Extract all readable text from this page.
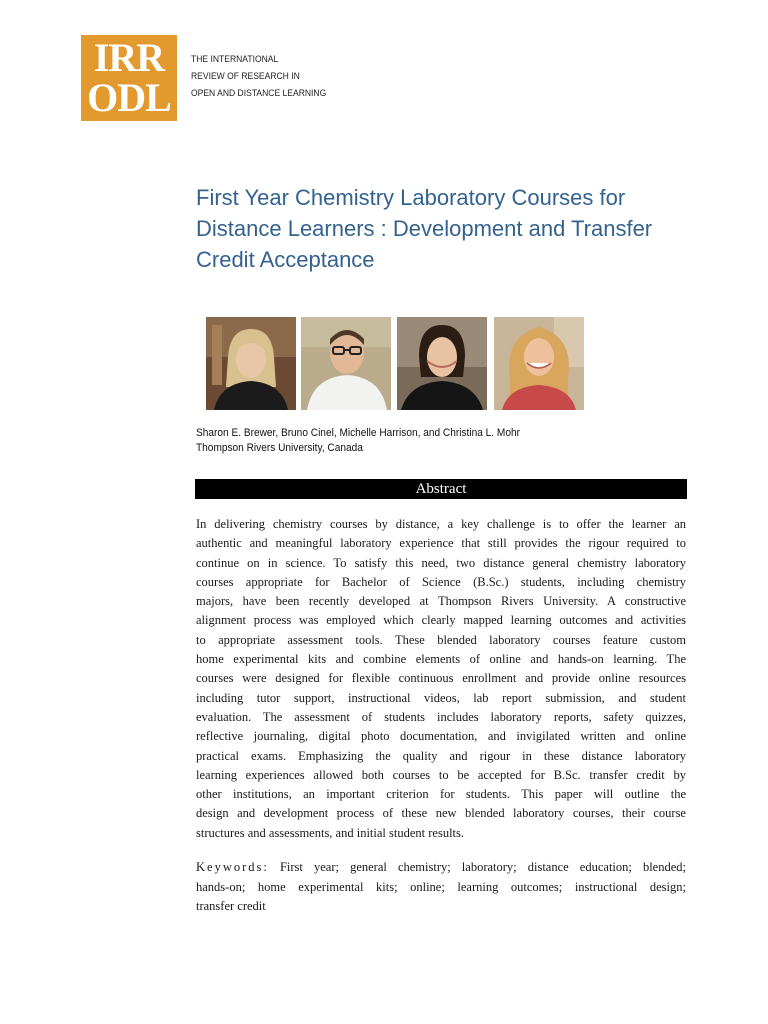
IRR
ODL
THE INTERNATIONAL
REVIEW OF RESEARCH IN
OPEN AND DISTANCE LEARNING
First Year Chemistry Laboratory Courses for
Distance Learners : Development and Transfer
Credit Acceptance
Sharon E. Brewer, Bruno Cinel, Michelle Harrison, and Christina L. Mohr
Thompson Rivers University, Canada
Abstract
In delivering chemistry courses by distance, a key challenge is to offer the learner an
authentic and meaningful laboratory experience that still provides the rigour required to
continue on in science. To satisfy this need, two distance general chemistry laboratory
courses appropriate for Bachelor of Science (B.Sc.) students, including chemistry
majors, have been recently developed at Thompson Rivers University. A constructive
alignment process was employed which clearly mapped learning outcomes and activities
to appropriate assessment tools. These blended laboratory courses feature custom
home experimental kits and combine elements of online and hands-on learning. The
courses were designed for flexible continuous enrollment and provide online resources
including tutor support, instructional videos, lab report submission, and student
evaluation. The assessment of students includes laboratory reports, safety quizzes,
reflective journaling, digital photo documentation, and invigilated written and online
practical exams. Emphasizing the quality and rigour in these distance laboratory
learning experiences allowed both courses to be accepted for B.Sc. transfer credit by
other institutions, an important criterion for students. This paper will outline the
design and development process of these new blended laboratory courses, their course
structures and assessments, and initial student results.
Keywords: First year; general chemistry; laboratory; distance education; blended;
hands-on; home experimental kits; online; learning outcomes; instructional design;
transfer credit
